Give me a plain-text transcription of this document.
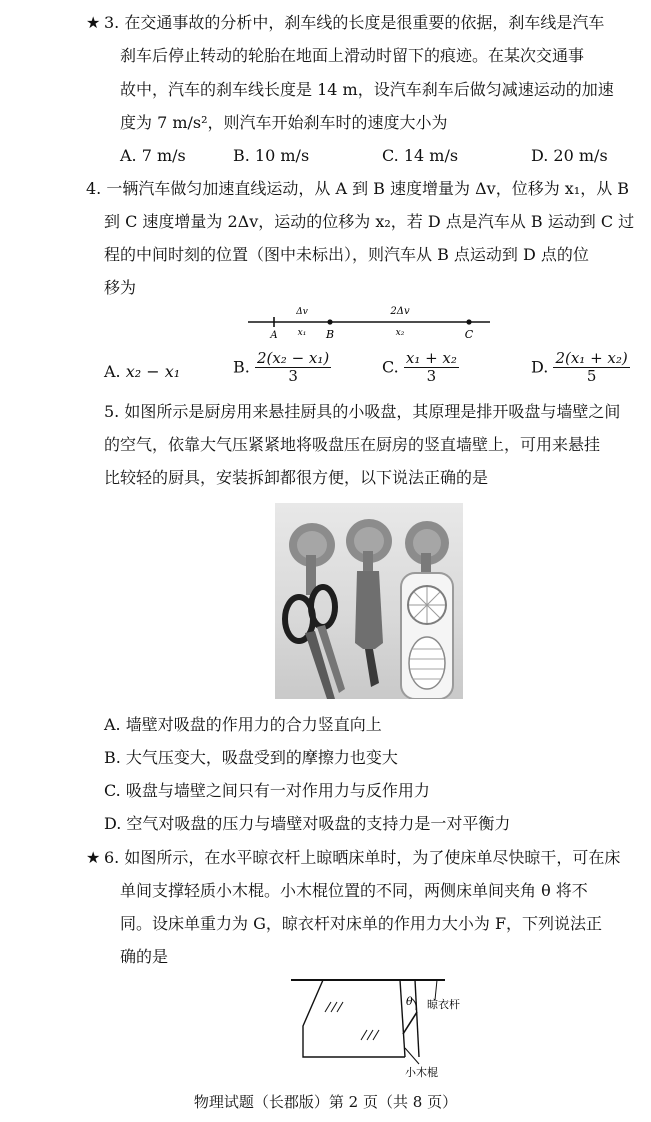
★ 3. 在交通事故的分析中，刹车线的长度是很重要的依据，刹车线是汽车
刹车后停止转动的轮胎在地面上滑动时留下的痕迹。在某次交通事
故中，汽车的刹车线长度是 14 m，设汽车刹车后做匀减速运动的加速
度为 7 m/s²，则汽车开始刹车时的速度大小为
A. 7 m/s	B. 10 m/s	C. 14 m/s	D. 20 m/s
4. 一辆汽车做匀加速直线运动，从 A 到 B 速度增量为 Δv，位移为 x₁，从 B
到 C 速度增量为 2Δv，运动的位移为 x₂，若 D 点是汽车从 B 运动到 C 过
程的中间时刻的位置（图中未标出），则汽车从 B 点运动到 D 点的位
移为
Δv	2Δv
x₁	x₂
A	B	C
A. x₂ − x₁	B. $\frac{\text{2(x₂ − x₁)}}{3}$	C. $\frac{\text{x₁ + x₂}}{3}$	D. $\frac{\text{2(x₁ + x₂)}}{5}$
5. 如图所示是厨房用来悬挂厨具的小吸盘，其原理是排开吸盘与墙壁之间
的空气，依靠大气压紧紧地将吸盘压在厨房的竖直墙壁上，可用来悬挂
比较轻的厨具，安装拆卸都很方便，以下说法正确的是
A. 墙壁对吸盘的作用力的合力竖直向上
B. 大气压变大，吸盘受到的摩擦力也变大
C. 吸盘与墙壁之间只有一对作用力与反作用力
D. 空气对吸盘的压力与墙壁对吸盘的支持力是一对平衡力
★ 6. 如图所示，在水平晾衣杆上晾晒床单时，为了使床单尽快晾干，可在床
单间支撑轻质小木棍。小木棍位置的不同，两侧床单间夹角 θ 将不
同。设床单重力为 G，晾衣杆对床单的作用力大小为 F，下列说法正
确的是
θ 晾衣杆
小木棍
物理试题（长郡版）第 2 页（共 8 页）
